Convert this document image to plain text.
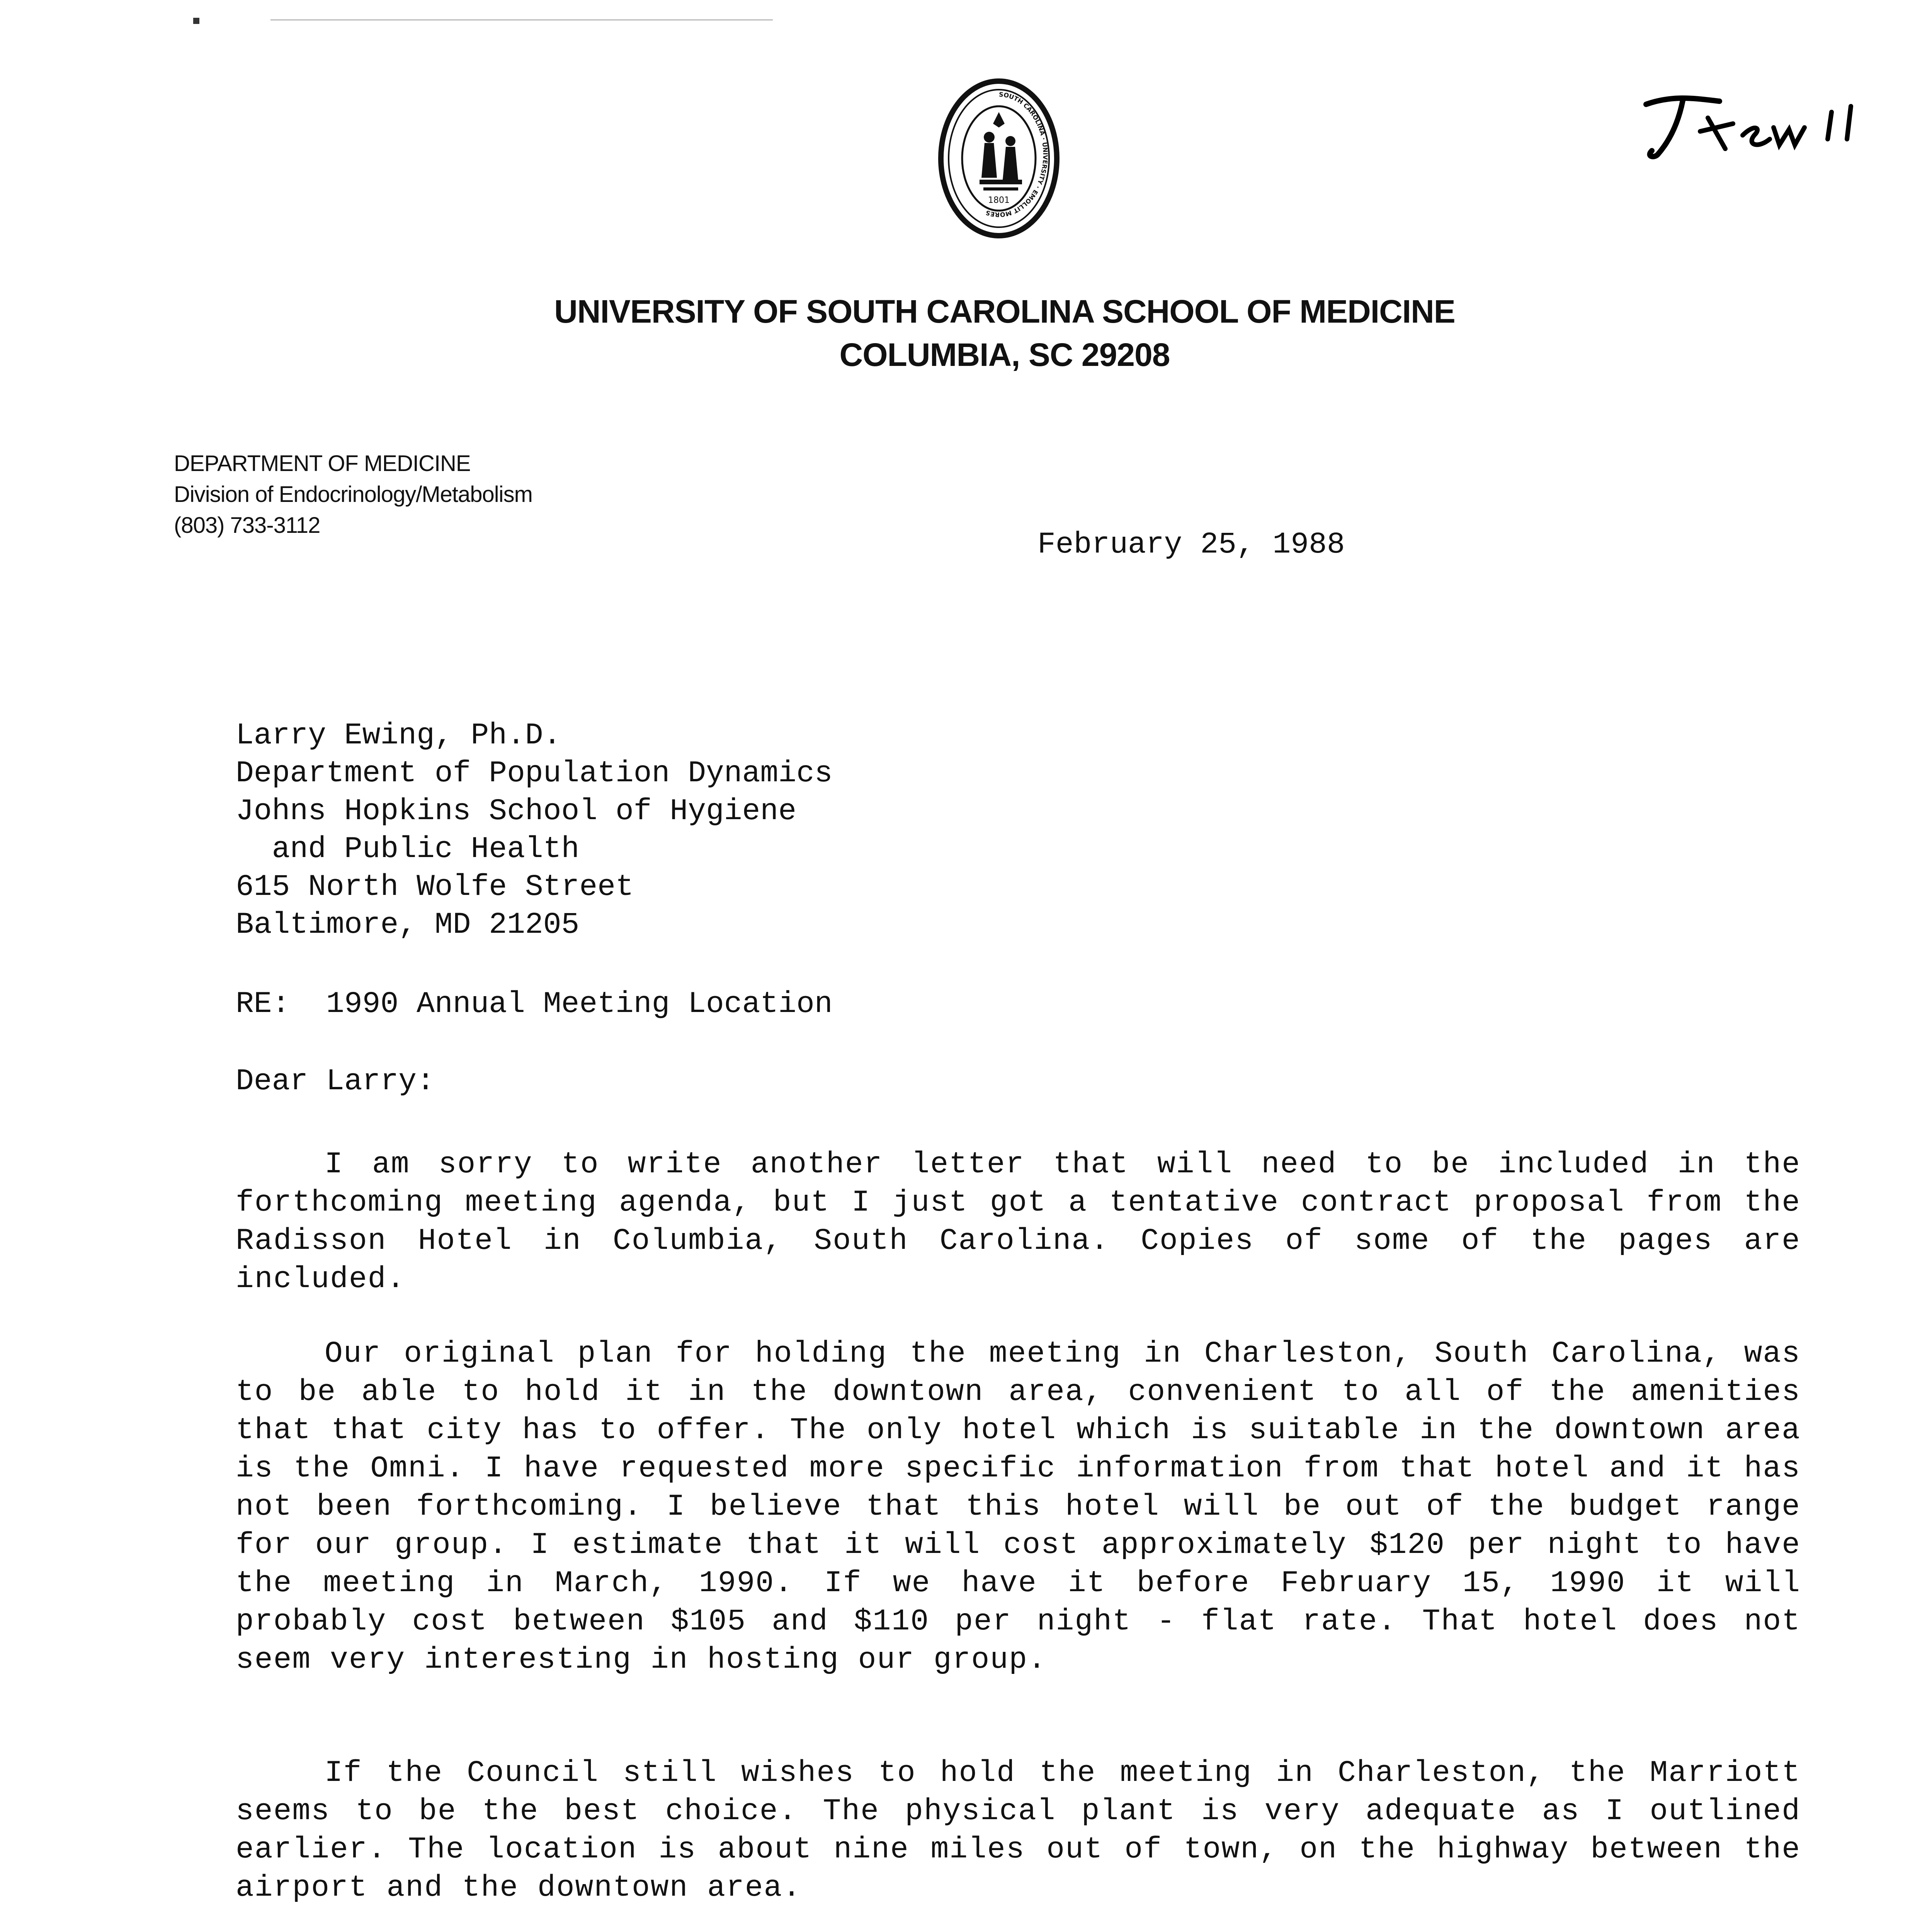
SOUTH CAROLINA · UNIVERSITY · EMOLLIT MORES
1801
UNIVERSITY OF SOUTH CAROLINA SCHOOL OF MEDICINE
COLUMBIA, SC 29208
DEPARTMENT OF MEDICINE
Division of Endocrinology/Metabolism
(803) 733-3112
February 25, 1988
Larry Ewing, Ph.D.
Department of Population Dynamics
Johns Hopkins School of Hygiene
and Public Health
615 North Wolfe Street
Baltimore, MD 21205
RE:  1990 Annual Meeting Location
Dear Larry:
I am sorry to write another letter that will need to be included in the forthcoming meeting agenda, but I just got a tentative contract proposal from the Radisson Hotel in Columbia, South Carolina. Copies of some of the pages are included.
Our original plan for holding the meeting in Charleston, South Carolina, was to be able to hold it in the downtown area, convenient to all of the amenities that that city has to offer. The only hotel which is suitable in the downtown area is the Omni. I have requested more specific information from that hotel and it has not been forthcoming. I believe that this hotel will be out of the budget range for our group. I estimate that it will cost approximately $120 per night to have the meeting in March, 1990. If we have it before February 15, 1990 it will probably cost between $105 and $110 per night - flat rate. That hotel does not seem very interesting in hosting our group.
If the Council still wishes to hold the meeting in Charleston, the Marriott seems to be the best choice. The physical plant is very adequate as I outlined earlier. The location is about nine miles out of town, on the highway between the airport and the downtown area.
